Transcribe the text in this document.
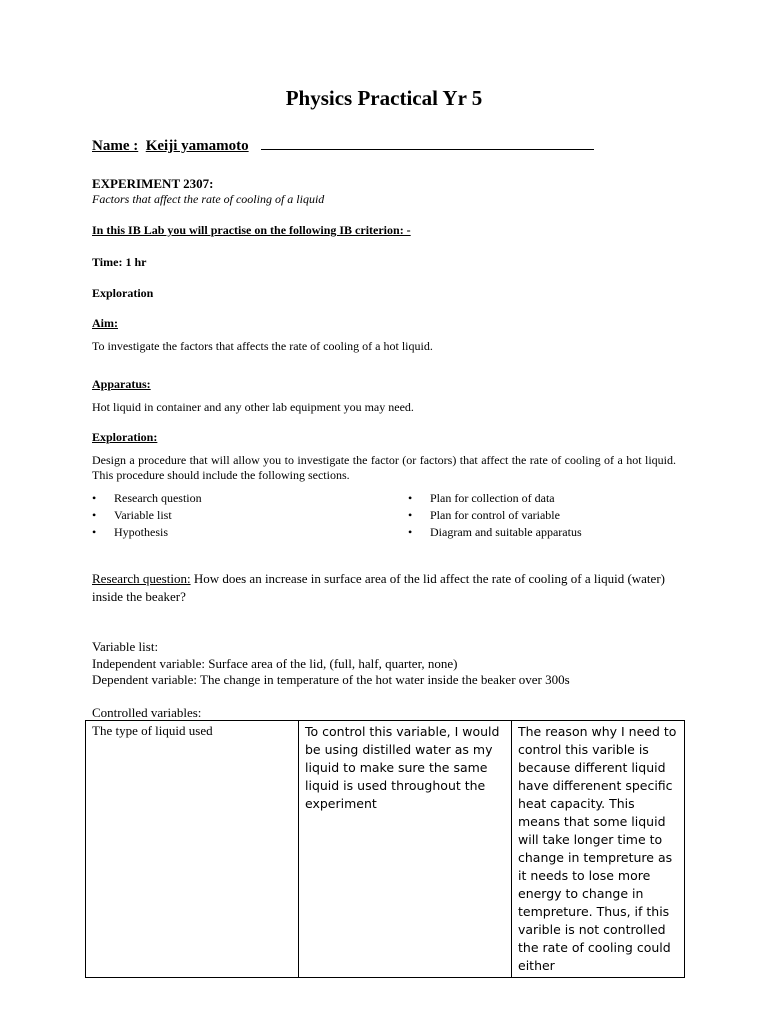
Physics Practical Yr 5
Name : Keiji yamamoto
EXPERIMENT 2307:
Factors that affect the rate of cooling of a liquid
In this IB Lab you will practise on the following IB criterion: -
Time: 1 hr
Exploration
Aim:
To investigate the factors that affects the rate of cooling of a hot liquid.
Apparatus:
Hot liquid in container and any other lab equipment you may need.
Exploration:
Design a procedure that will allow you to investigate the factor (or factors) that affect the rate of cooling of a hot liquid. This procedure should include the following sections.
•	Research question
•	Variable list
•	Hypothesis
•	Plan for collection of data
•	Plan for control of variable
•	Diagram and suitable apparatus
Research question: How does an increase in surface area of the lid affect the rate of cooling of a liquid (water) inside the beaker?
Variable list:
Independent variable: Surface area of the lid, (full, half, quarter, none)
Dependent variable: The change in temperature of the hot water inside the beaker over 300s
Controlled variables:
The type of liquid used	To control this variable, I would be using distilled water as my liquid to make sure the same liquid is used throughout the experiment	The reason why I need to control this varible is because different liquid have differenent specific heat capacity. This means that some liquid will take longer time to change in tempreture as it needs to lose more energy to change in tempreture. Thus, if this varible is not controlled the rate of cooling could either
